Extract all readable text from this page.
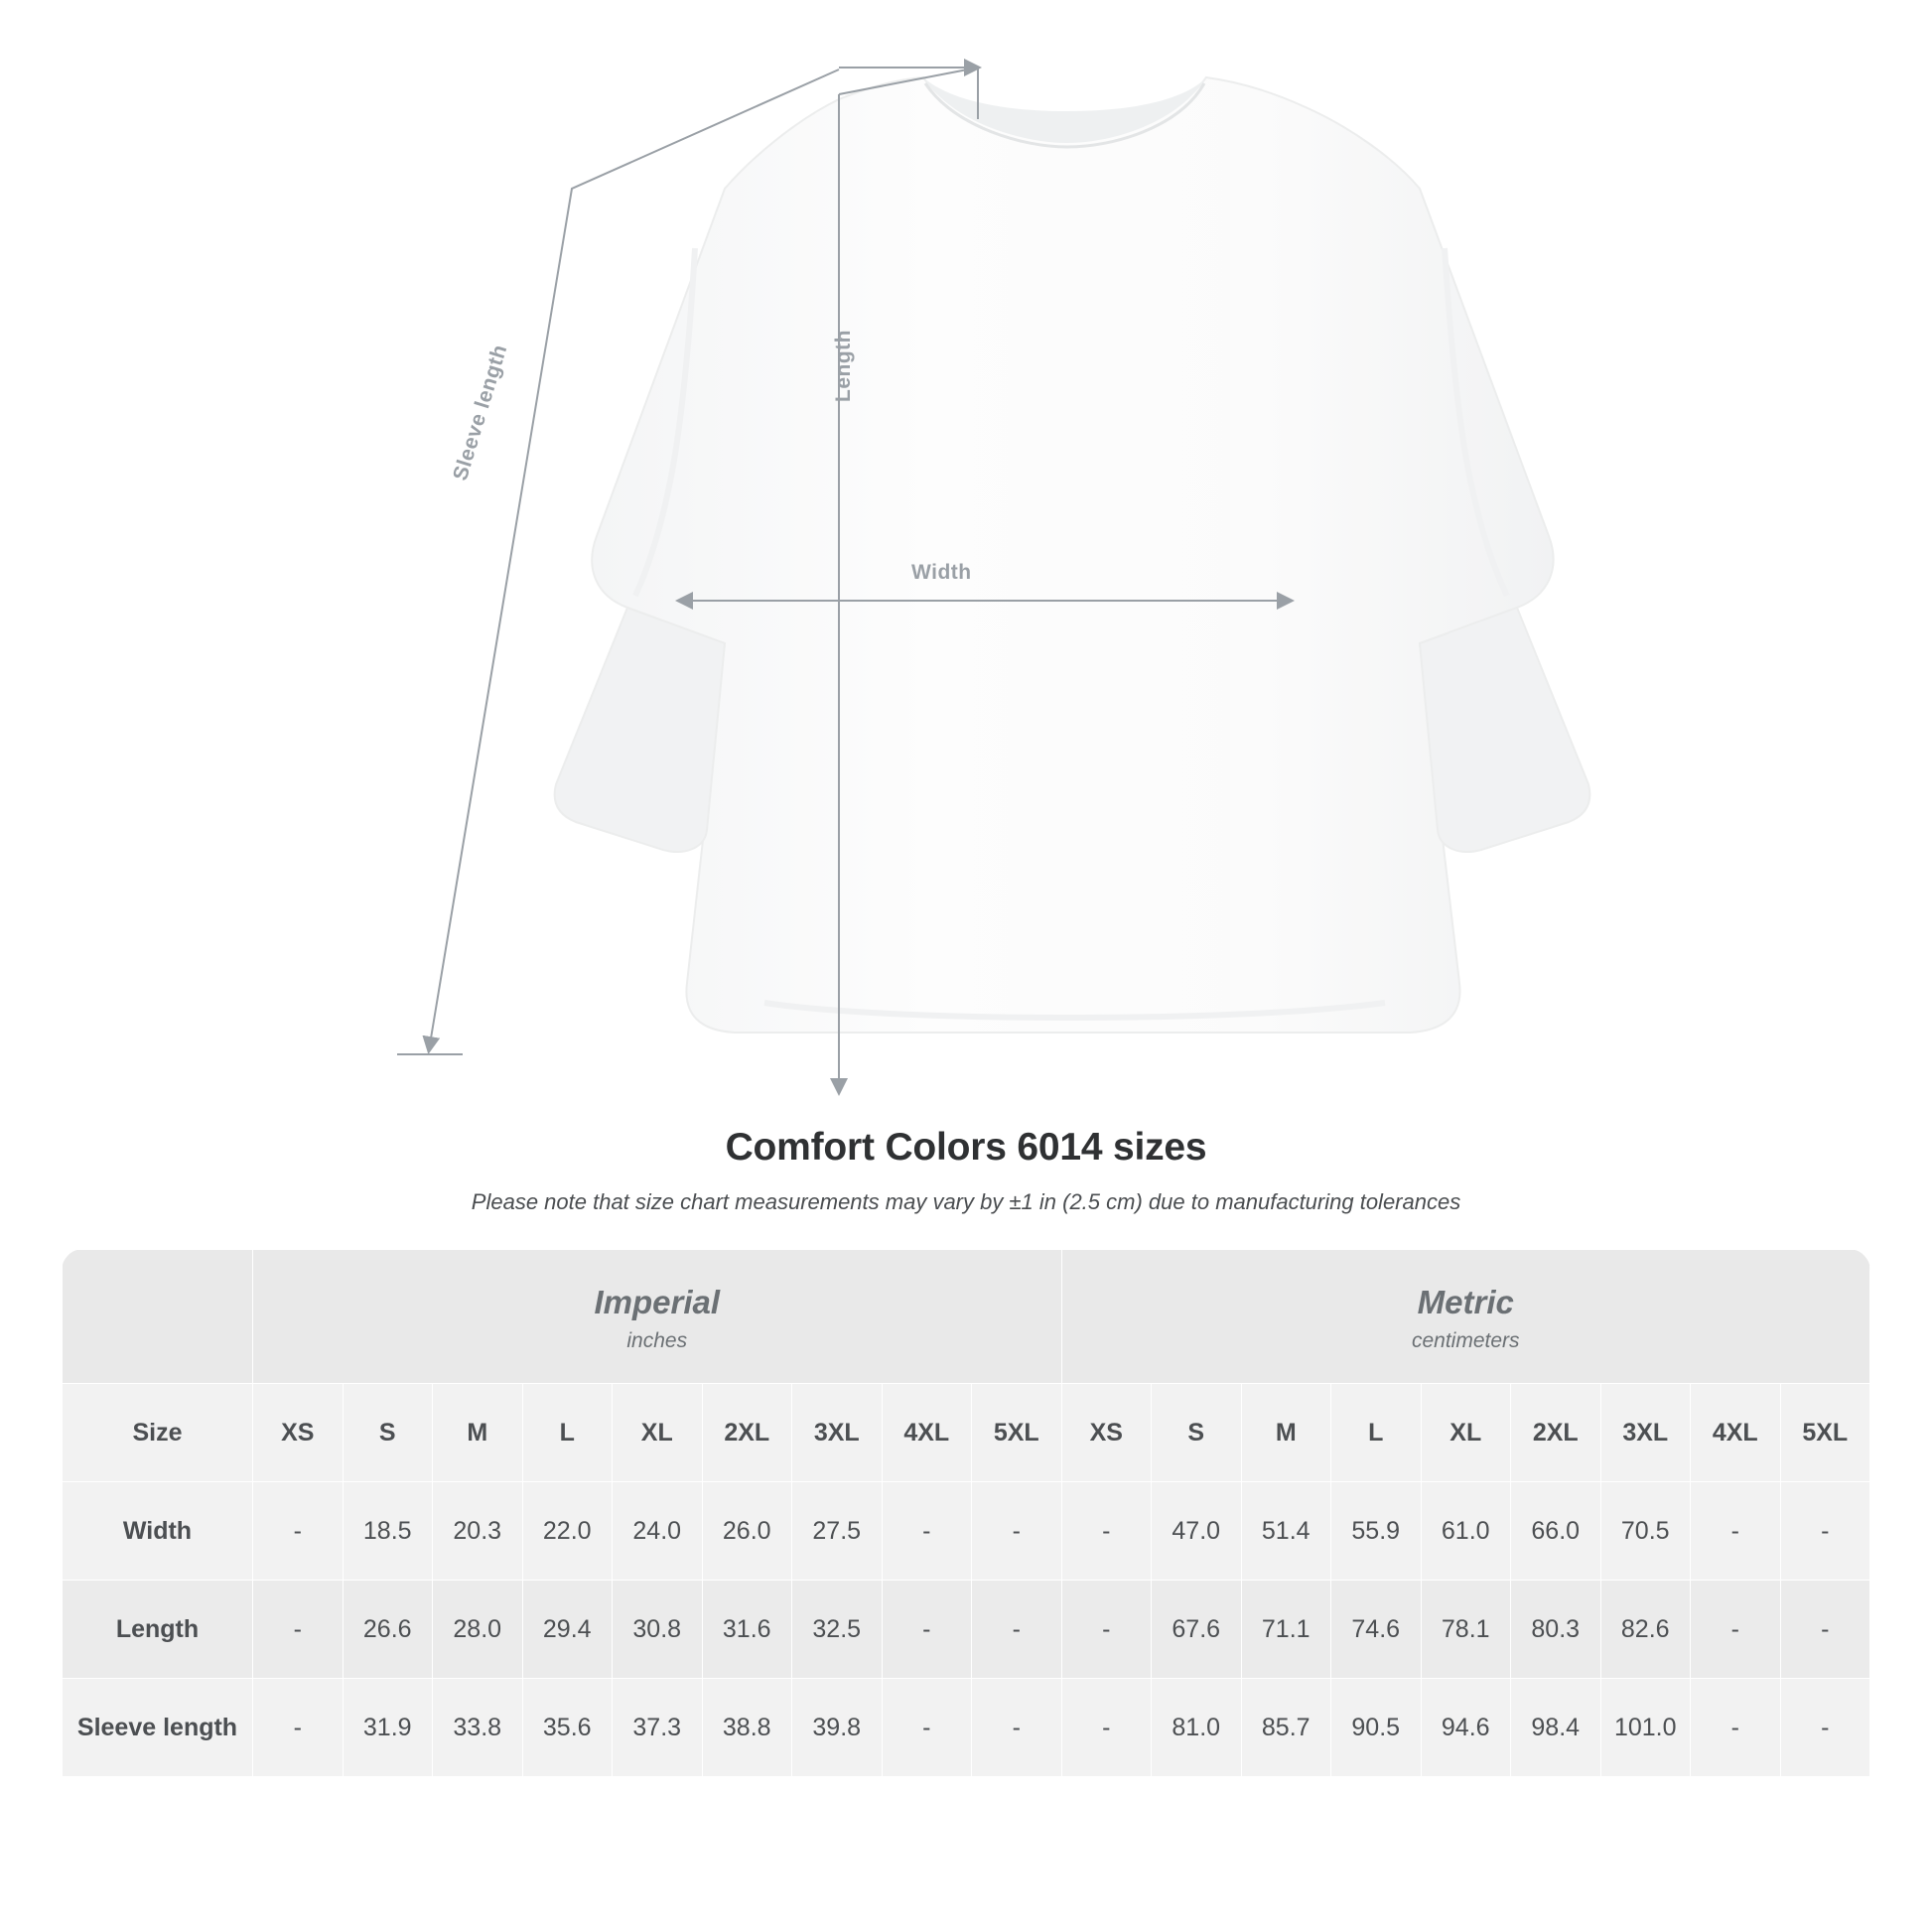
Width
Length
Sleeve length
Comfort Colors 6014 sizes
Please note that size chart measurements may vary by ±1 in (2.5 cm) due to manufacturing tolerances

Imperial
inches

Metric
centimeters

Size	XS	S	M	L	XL	2XL	3XL	4XL	5XL	XS	S	M	L	XL	2XL	3XL	4XL	5XL
Width	-	18.5	20.3	22.0	24.0	26.0	27.5	-	-	-	47.0	51.4	55.9	61.0	66.0	70.5	-	-
Length	-	26.6	28.0	29.4	30.8	31.6	32.5	-	-	-	67.6	71.1	74.6	78.1	80.3	82.6	-	-
Sleeve length	-	31.9	33.8	35.6	37.3	38.8	39.8	-	-	-	81.0	85.7	90.5	94.6	98.4	101.0	-	-
